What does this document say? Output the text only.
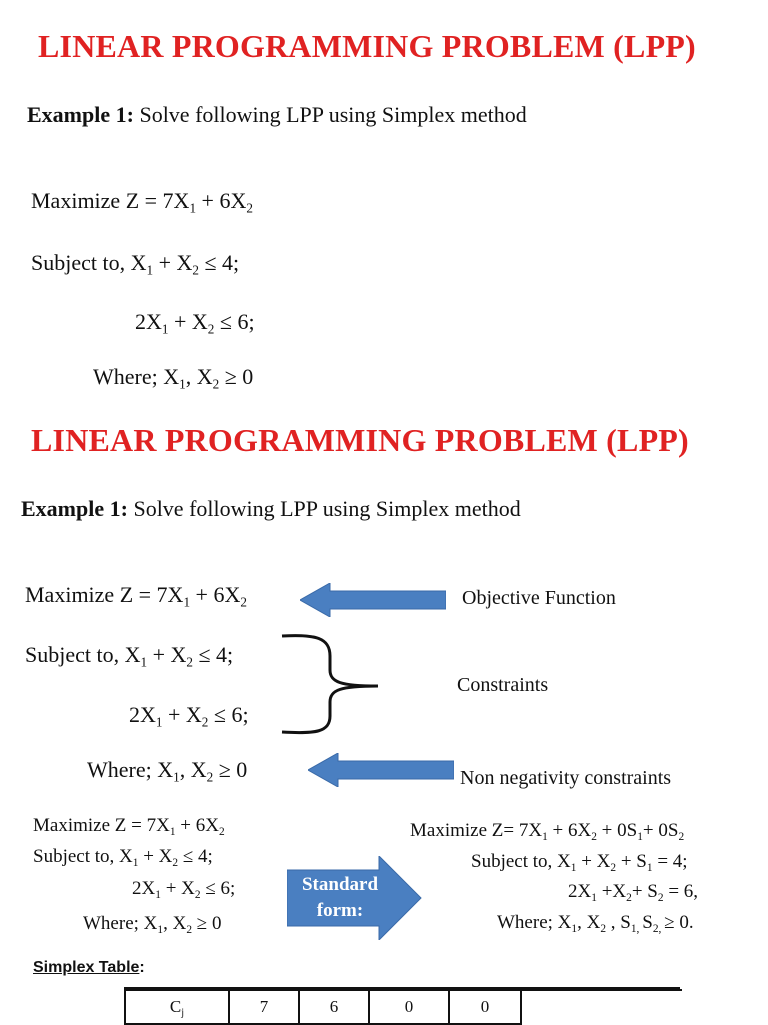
LINEAR PROGRAMMING PROBLEM (LPP)
Example 1: Solve following LPP using Simplex method
Maximize $Z = 7X_1 + 6X_2$
Subject to, $X_1 + X_2 \le 4$;
$2X_1 + X_2 \le 6$;
Where; $X_1$, $X_2 \ge 0$
LINEAR PROGRAMMING PROBLEM (LPP)
Example 1: Solve following LPP using Simplex method
Maximize $Z = 7X_1 + 6X_2$	Objective Function
Subject to, $X_1 + X_2 \le 4$;
$2X_1 + X_2 \le 6$;
Constraints
Where; $X_1$, $X_2 \ge 0$	Non negativity constraints
Maximize $Z = 7X_1 + 6X_2$
Subject to, $X_1 + X_2 \le 4$;
$2X_1 + X_2 \le 6$;
Where; $X_1$, $X_2 \ge 0$
Standard
form:
Maximize $Z= 7X_1 + 6X_2 + 0S_1+ 0S_2$
Subject to, $X_1 + X_2 + S_1 = 4$;
$2X_1 +X_2+ S_2 = 6$,
Where; $X_1$, $X_2$ , $S_{1,}$ $S_{2,} \ge 0$.
Simplex Table:
$C_j$	7	6	0	0	
